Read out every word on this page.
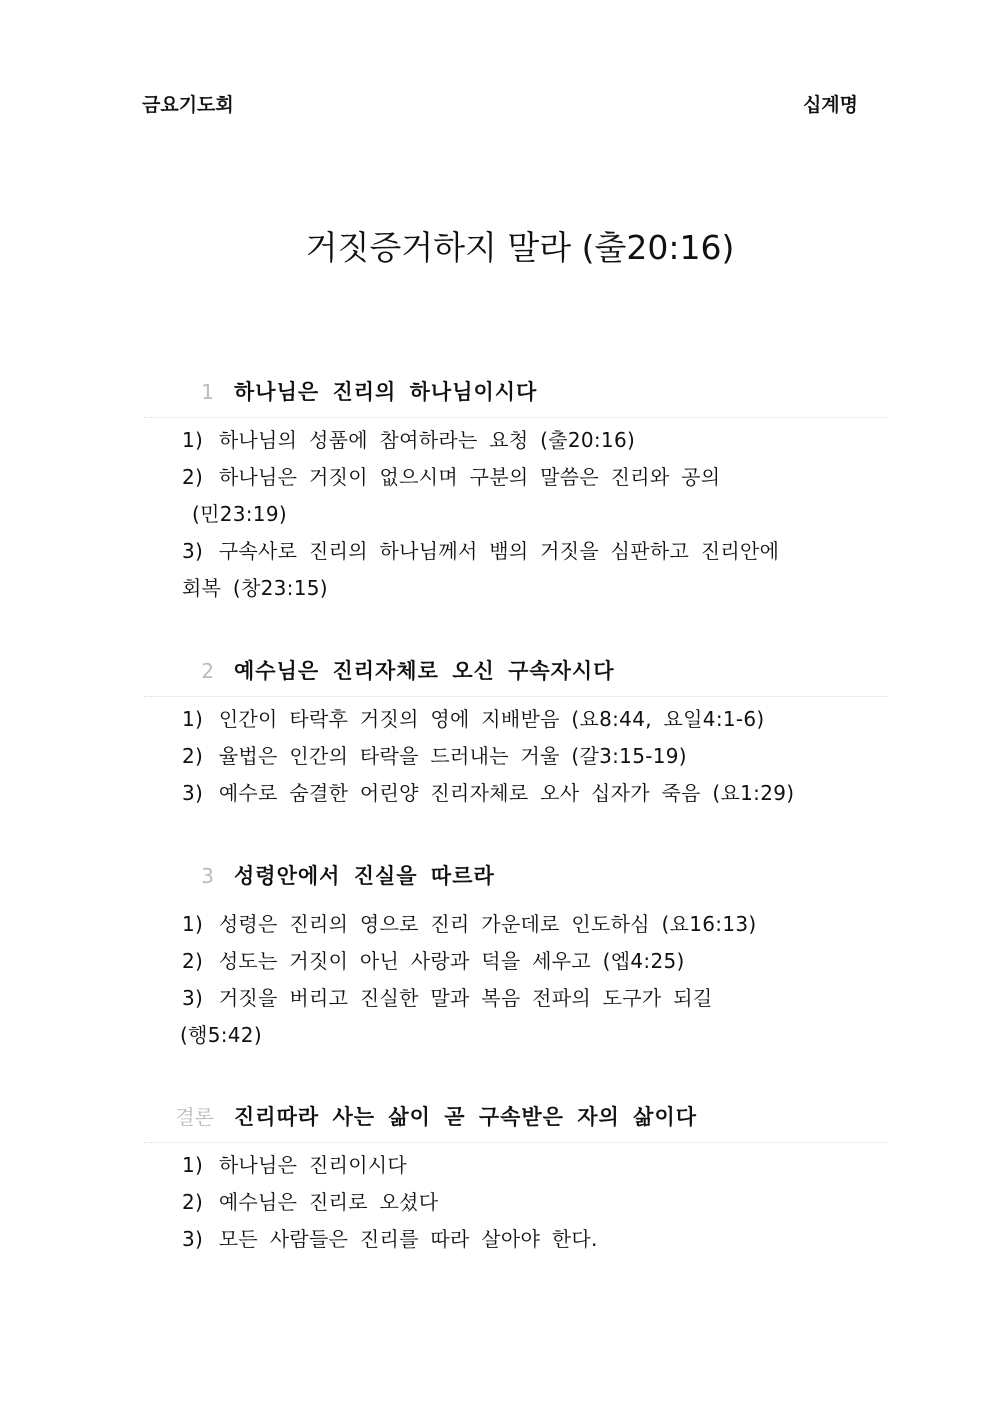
금요기도회	십계명
거짓증거하지 말라 (출20:16)
1 하나님은 진리의 하나님이시다
1) 하나님의 성품에 참여하라는 요청 (출20:16)
2) 하나님은 거짓이 없으시며 구분의 말씀은 진리와 공의
(민23:19)
3) 구속사로 진리의 하나님께서 뱀의 거짓을 심판하고 진리안에
회복 (창23:15)
2 예수님은 진리자체로 오신 구속자시다
1) 인간이 타락후 거짓의 영에 지배받음 (요8:44, 요일4:1-6)
2) 율법은 인간의 타락을 드러내는 거울 (갈3:15-19)
3) 예수로 숨결한 어린양 진리자체로 오사 십자가 죽음 (요1:29)
3 성령안에서 진실을 따르라
1) 성령은 진리의 영으로 진리 가운데로 인도하심 (요16:13)
2) 성도는 거짓이 아닌 사랑과 덕을 세우고 (엡4:25)
3) 거짓을 버리고 진실한 말과 복음 전파의 도구가 되길
(행5:42)
결론 진리따라 사는 삶이 곧 구속받은 자의 삶이다
1) 하나님은 진리이시다
2) 예수님은 진리로 오셨다
3) 모든 사람들은 진리를 따라 살아야 한다.
